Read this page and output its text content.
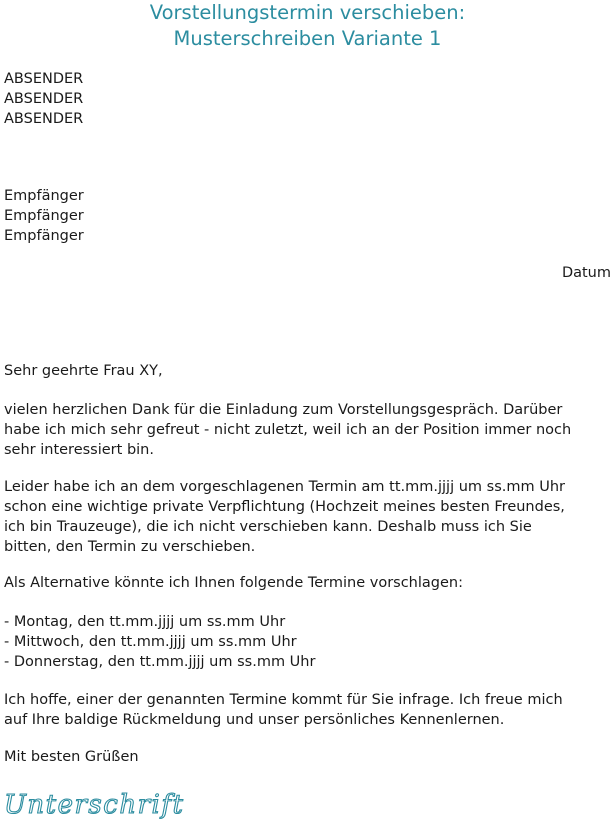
Vorstellungstermin verschieben:
Musterschreiben Variante 1
ABSENDER
ABSENDER
ABSENDER
Empfänger
Empfänger
Empfänger
Datum
Sehr geehrte Frau XY,
vielen herzlichen Dank für die Einladung zum Vorstellungsgespräch. Darüber
habe ich mich sehr gefreut - nicht zuletzt, weil ich an der Position immer noch
sehr interessiert bin.
Leider habe ich an dem vorgeschlagenen Termin am tt.mm.jjjj um ss.mm Uhr
schon eine wichtige private Verpflichtung (Hochzeit meines besten Freundes,
ich bin Trauzeuge), die ich nicht verschieben kann. Deshalb muss ich Sie
bitten, den Termin zu verschieben.
Als Alternative könnte ich Ihnen folgende Termine vorschlagen:
- Montag, den tt.mm.jjjj um ss.mm Uhr
- Mittwoch, den tt.mm.jjjj um ss.mm Uhr
- Donnerstag, den tt.mm.jjjj um ss.mm Uhr
Ich hoffe, einer der genannten Termine kommt für Sie infrage. Ich freue mich
auf Ihre baldige Rückmeldung und unser persönliches Kennenlernen.
Mit besten Grüßen
Unterschrift
